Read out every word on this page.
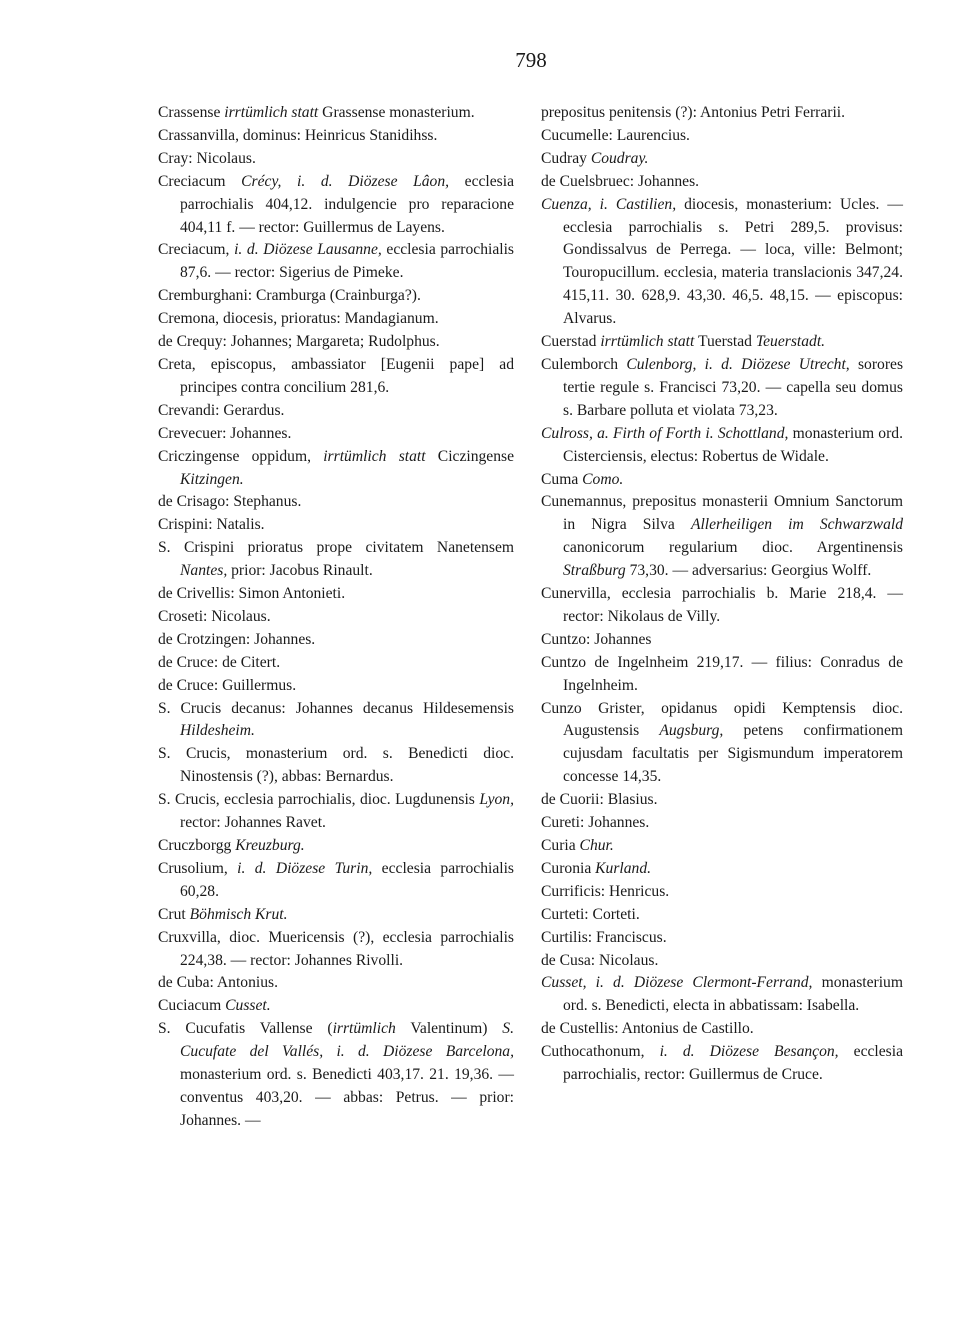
798

Crassense irrtümlich statt Grassense monasterium.

Crassanvilla, dominus: Heinricus Stanidihss.

Cray: Nicolaus.

Creciacum Crécy, i. d. Diözese Lâon, ecclesia parrochialis 404,12. indulgencie pro reparacione 404,11 f. — rector: Guillermus de Layens.

Creciacum, i. d. Diözese Lausanne, ecclesia parrochialis 87,6. — rector: Sigerius de Pimeke.

Cremburghani: Cramburga (Crainburga?).

Cremona, diocesis, prioratus: Mandagianum.

de Crequy: Johannes; Margareta; Rudolphus.

Creta, episcopus, ambassiator [Eugenii pape] ad principes contra concilium 281,6.

Crevandi: Gerardus.

Crevecuer: Johannes.

Criczingense oppidum, irrtümlich statt Ciczingense Kitzingen.

de Crisago: Stephanus.

Crispini: Natalis.

S. Crispini prioratus prope civitatem Nanetensem Nantes, prior: Jacobus Rinault.

de Crivellis: Simon Antonieti.

Croseti: Nicolaus.

de Crotzingen: Johannes.

de Cruce: de Citert.

de Cruce: Guillermus.

S. Crucis decanus: Johannes decanus Hildesemensis Hildesheim.

S. Crucis, monasterium ord. s. Benedicti dioc. Ninostensis (?), abbas: Bernardus.

S. Crucis, ecclesia parrochialis, dioc. Lugdunensis Lyon, rector: Johannes Ravet.

Cruczborgg Kreuzburg.

Crusolium, i. d. Diözese Turin, ecclesia parrochialis 60,28.

Crut Böhmisch Krut.

Cruxvilla, dioc. Muericensis (?), ecclesia parrochialis 224,38. — rector: Johannes Rivolli.

de Cuba: Antonius.

Cuciacum Cusset.

S. Cucufatis Vallense (irrtümlich Valentinum) S. Cucufate del Vallés, i. d. Diözese Barcelona, monasterium ord. s. Benedicti 403,17. 21. 19,36. — conventus 403,20. — abbas: Petrus. — prior: Johannes. —

prepositus penitensis (?): Antonius Petri Ferrarii.

Cucumelle: Laurencius.

Cudray Coudray.

de Cuelsbruec: Johannes.

Cuenza, i. Castilien, diocesis, monasterium: Ucles. — ecclesia parrochialis s. Petri 289,5. provisus: Gondissalvus de Perrega. — loca, ville: Belmont; Touropucillum. ecclesia, materia translacionis 347,24. 415,11. 30. 628,9. 43,30. 46,5. 48,15. — episcopus: Alvarus.

Cuerstad irrtümlich statt Tuerstad Teuerstadt.

Culemborch Culenborg, i. d. Diözese Utrecht, sorores tertie regule s. Francisci 73,20. — capella seu domus s. Barbare polluta et violata 73,23.

Culross, a. Firth of Forth i. Schottland, monasterium ord. Cisterciensis, electus: Robertus de Widale.

Cuma Como.

Cunemannus, prepositus monasterii Omnium Sanctorum in Nigra Silva Allerheiligen im Schwarzwald canonicorum regularium dioc. Argentinensis Straßburg 73,30. — adversarius: Georgius Wolff.

Cunervilla, ecclesia parrochialis b. Marie 218,4. — rector: Nikolaus de Villy.

Cuntzo: Johannes

Cuntzo de Ingelnheim 219,17. — filius: Conradus de Ingelnheim.

Cunzo Grister, opidanus opidi Kemptensis dioc. Augustensis Augsburg, petens confirmationem cujusdam facultatis per Sigismundum imperatorem concesse 14,35.

de Cuorii: Blasius.

Cureti: Johannes.

Curia Chur.

Curonia Kurland.

Currificis: Henricus.

Curteti: Corteti.

Curtilis: Franciscus.

de Cusa: Nicolaus.

Cusset, i. d. Diözese Clermont-Ferrand, monasterium ord. s. Benedicti, electa in abbatissam: Isabella.

de Custellis: Antonius de Castillo.

Cuthocathonum, i. d. Diözese Besançon, ecclesia parrochialis, rector: Guillermus de Cruce.
